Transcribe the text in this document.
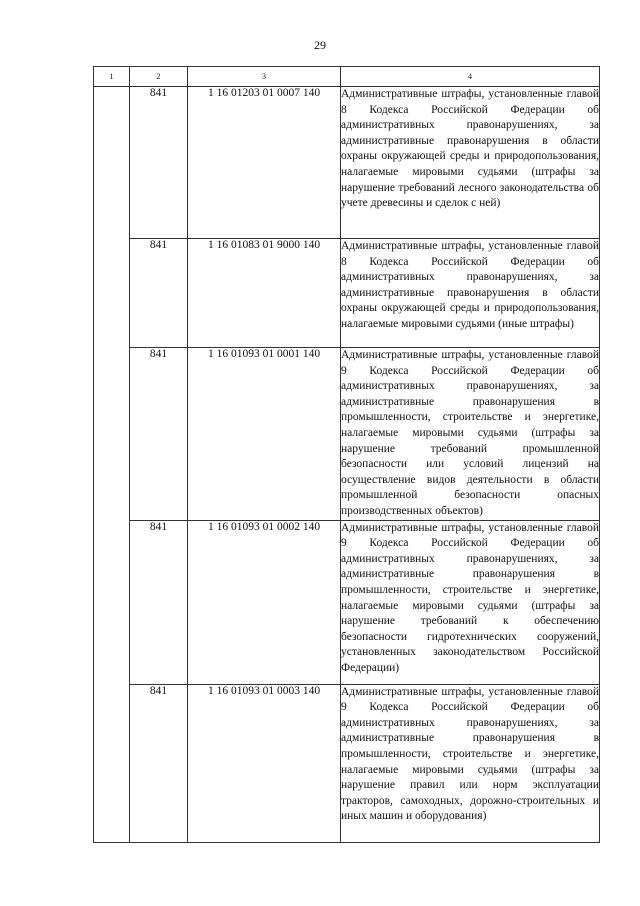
29
1	2	3	4
	841	1 16 01203 01 0007 140	Административные штрафы, установленные главой 8 Кодекса Российской Федерации об административных правонарушениях, за административные правонарушения в области охраны окружающей среды и природопользования, налагаемые мировыми судьями (штрафы за нарушение требований лесного законодательства об учете древесины и сделок с ней)
	841	1 16 01083 01 9000 140	Административные штрафы, установленные главой 8 Кодекса Российской Федерации об административных правонарушениях, за административные правонарушения в области охраны окружающей среды и природопользования, налагаемые мировыми судьями (иные штрафы)
	841	1 16 01093 01 0001 140	Административные штрафы, установленные главой 9 Кодекса Российской Федерации об административных правонарушениях, за административные правонарушения в промышленности, строительстве и энергетике, налагаемые мировыми судьями (штрафы за нарушение требований промышленной безопасности или условий лицензий на осуществление видов деятельности в области промышленной безопасности опасных производственных объектов)
	841	1 16 01093 01 0002 140	Административные штрафы, установленные главой 9 Кодекса Российской Федерации об административных правонарушениях, за административные правонарушения в промышленности, строительстве и энергетике, налагаемые мировыми судьями (штрафы за нарушение требований к обеспечению безопасности гидротехнических сооружений, установленных законодательством Российской Федерации)
	841	1 16 01093 01 0003 140	Административные штрафы, установленные главой 9 Кодекса Российской Федерации об административных правонарушениях, за административные правонарушения в промышленности, строительстве и энергетике, налагаемые мировыми судьями (штрафы за нарушение правил или норм эксплуатации тракторов, самоходных, дорожно-строительных и иных машин и оборудования)
